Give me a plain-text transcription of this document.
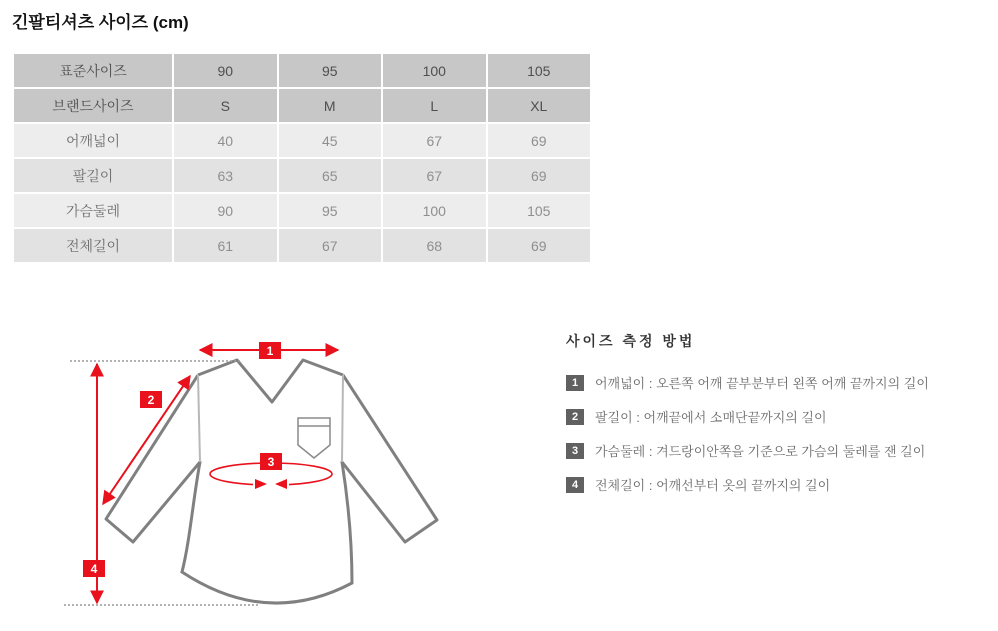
긴팔티셔츠 사이즈 (cm)
표준사이즈	90	95	100	105
브랜드사이즈	S	M	L	XL
어깨넓이	40	45	67	69
팔길이	63	65	67	69
가슴둘레	90	95	100	105
전체길이	61	67	68	69
1
2
3
4
사이즈 측정 방법
1	어깨넓이 : 오른쪽 어깨 끝부분부터 왼쪽 어깨 끝까지의 길이
2	팔길이 : 어깨끝에서 소매단끝까지의 길이
3	가슴둘레 : 겨드랑이안쪽을 기준으로 가슴의 둘레를 잰 길이
4	전체길이 : 어깨선부터 옷의 끝까지의 길이
